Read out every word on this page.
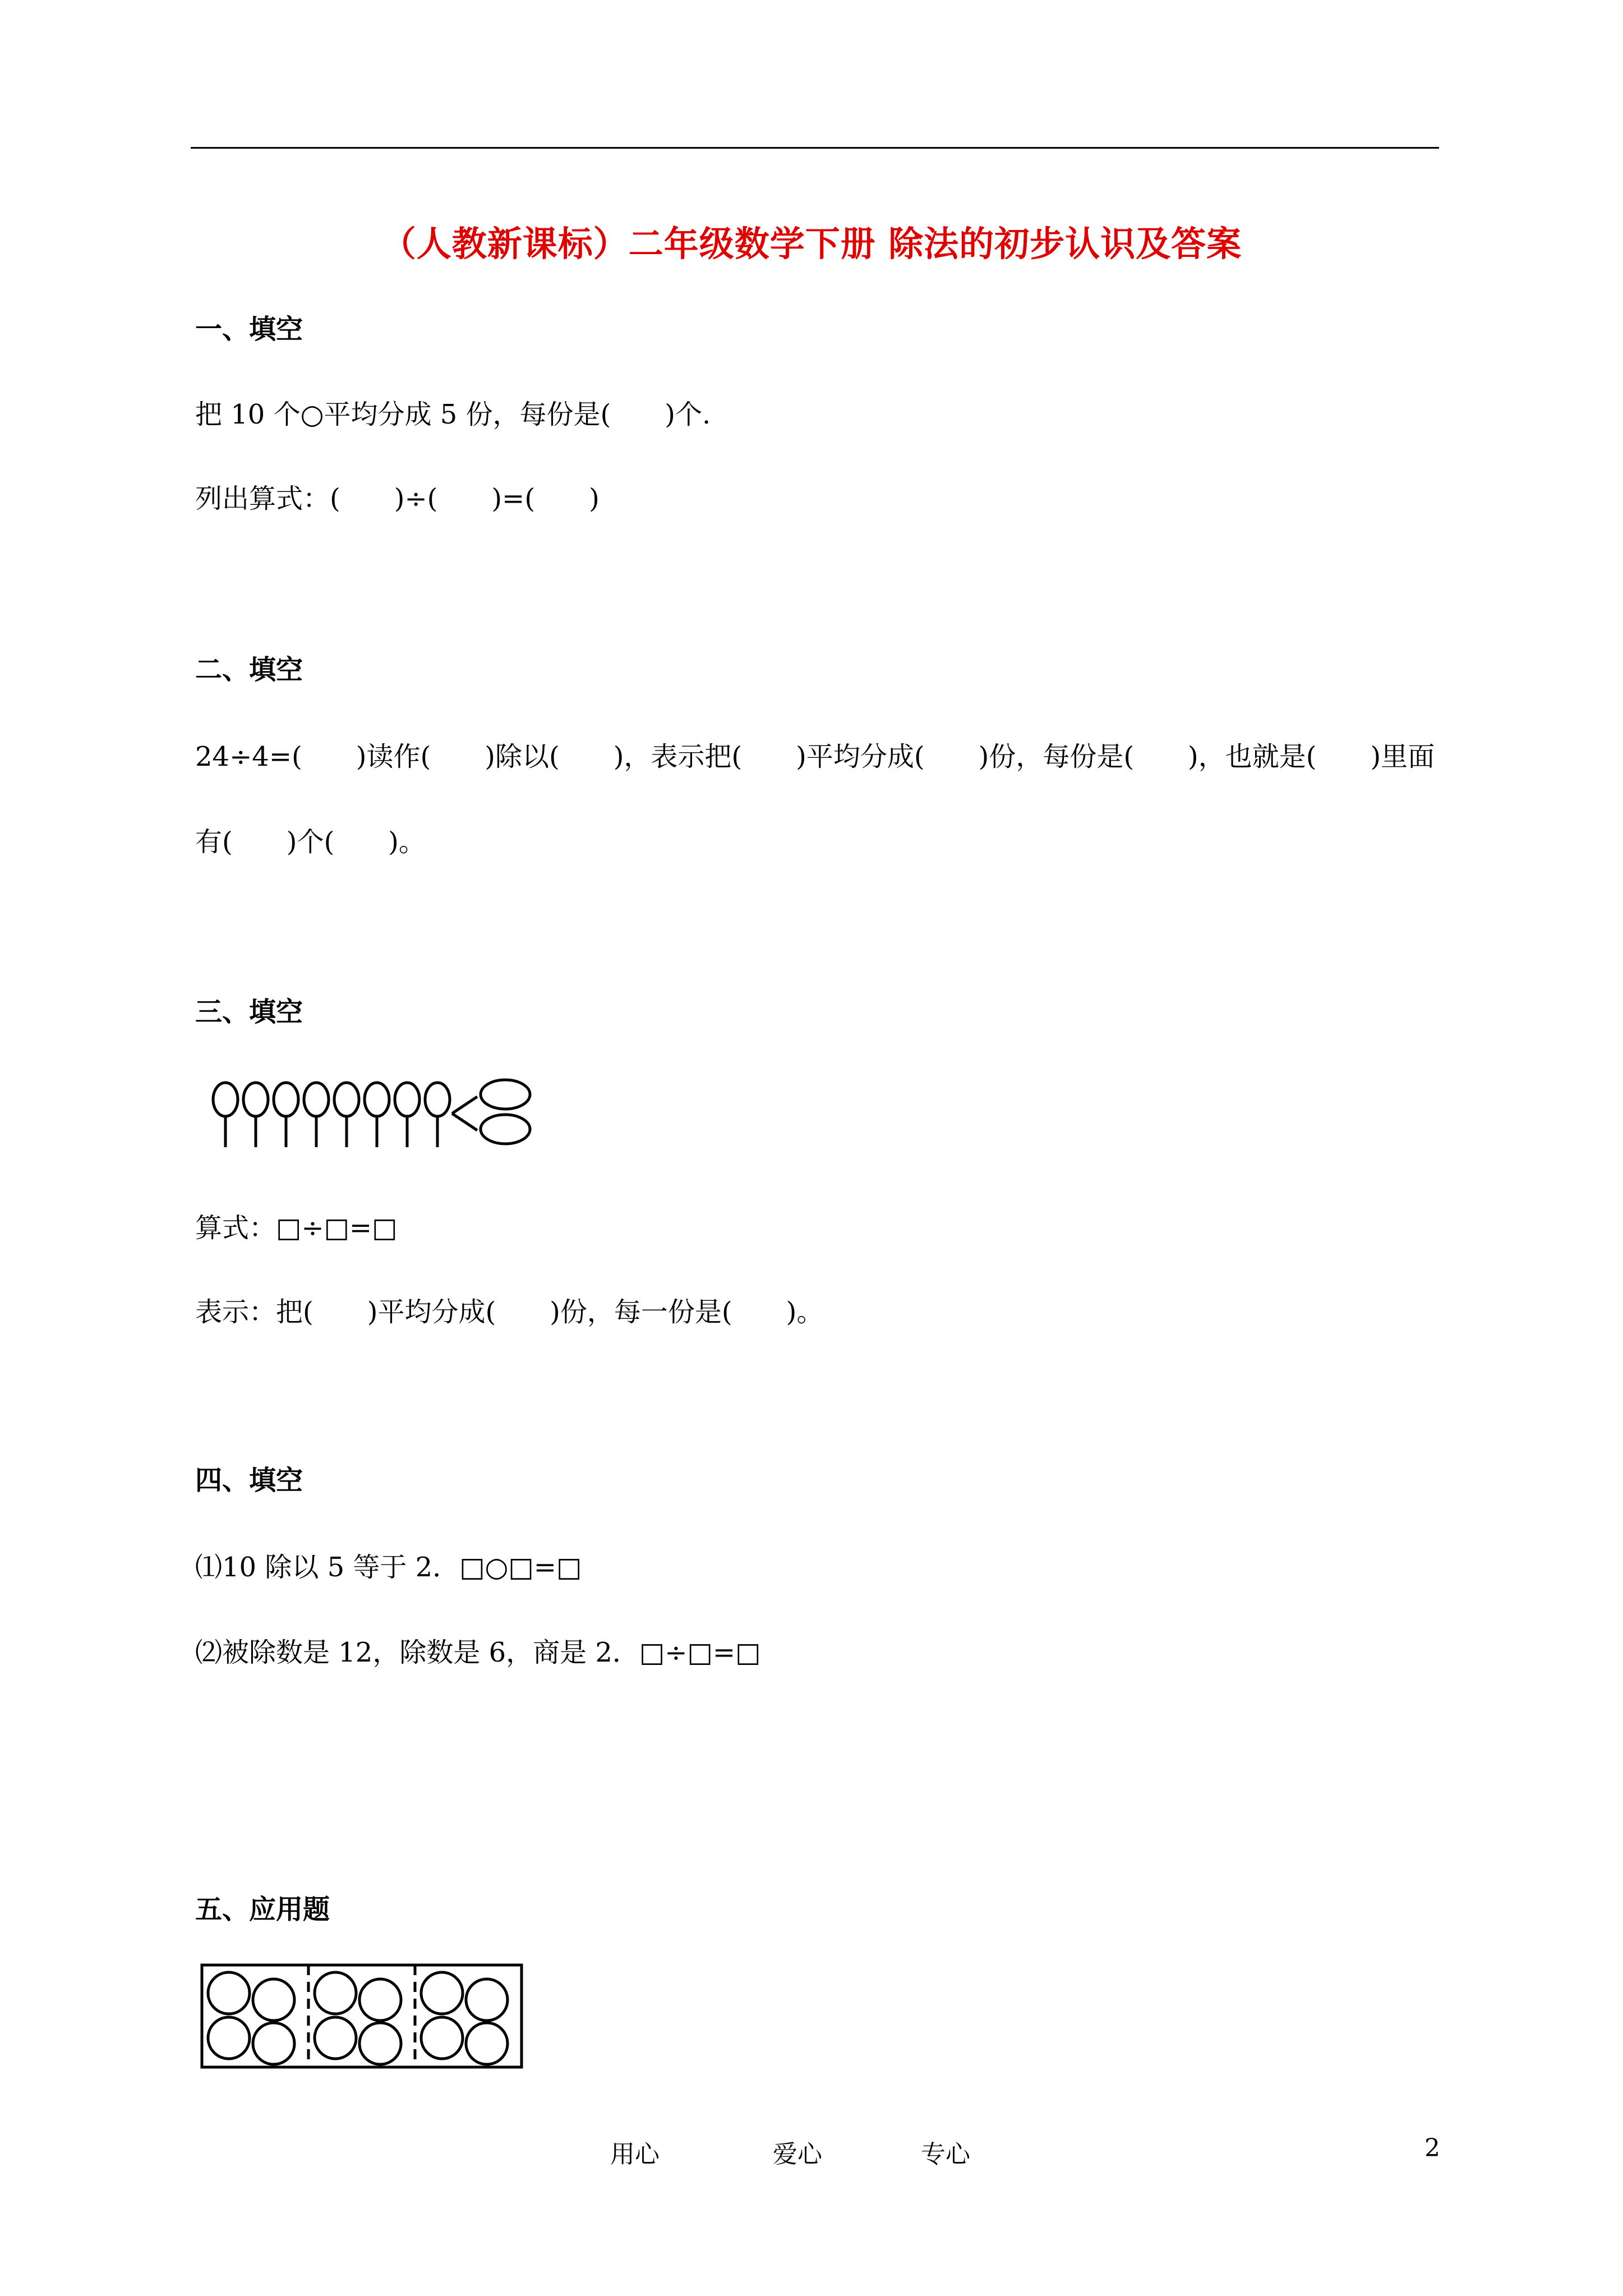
（人教新课标）二年级数学下册 除法的初步认识及答案
一、填空
把 10 个○平均分成 5 份，每份是(　　)个.
列出算式：(　　)÷(　　)=(　　)
二、填空
24÷4=(　　)读作(　　)除以(　　)，表示把(　　)平均分成(　　)份，每份是(　　)，也就是(　　)里面
有(　　)个(　　)。
三、填空
算式：□÷□=□
表示：把(　　)平均分成(　　)份，每一份是(　　)。
四、填空
⑴10 除以 5 等于 2．□○□=□
⑵被除数是 12，除数是 6，商是 2．□÷□=□
五、应用题
用心	爱心	专心	2
